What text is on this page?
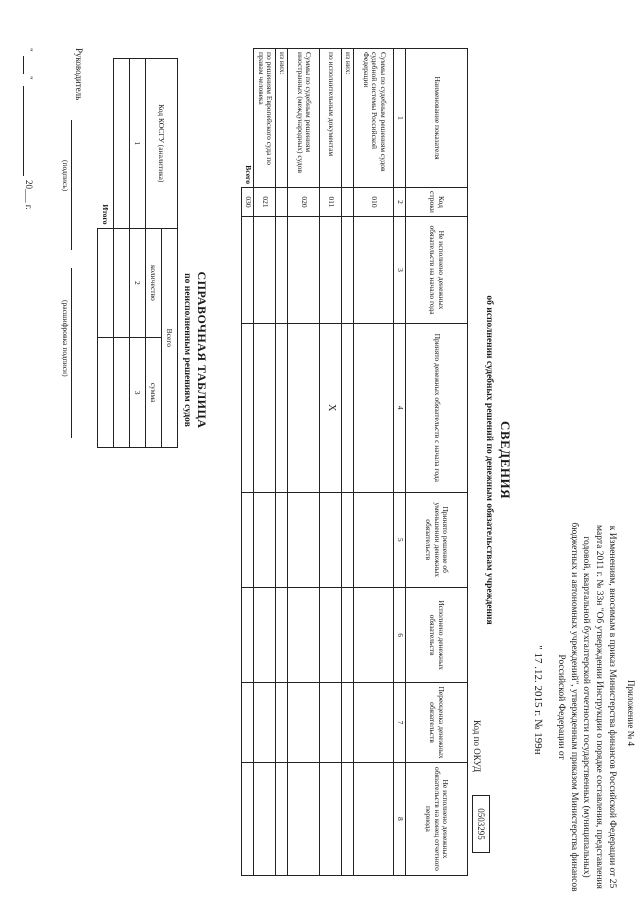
Приложение № 4
к Изменениям, вносимым в приказ Министерства финансов Российской Федерации от 25 марта 2011 г. № 33н "Об утверждении Инструкции о порядке составления, представления годовой, квартальной бухгалтерской отчетности государственных (муниципальных) бюджетных и автономных учреждений", утвержденным приказом Министерства финансов Российской Федерации от
" 17 .12. 2015 г. № 199н
СВЕДЕНИЯ
об исполнении судебных решений по денежным обязательствам учреждения
Код по ОКУД
0503295
Наименование показателя	Код строки	Не исполнено денежных обязательств на начало года	Принято денежных обязательств с начала года	Принято решение об уменьшении денежных обязательств	Исполнено денежных обязательств	Переоценка денежных обязательств	Не исполнено денежных обязательств на конец отчетного периода
1	2	3	4	5	6	7	8
Суммы по судебным решениям судов судебной системы Российской Федерации	010						
из них:							
по исполнительным документам	011		X				
Суммы по судебным решениям иностранных (международных) судов	020						
из них:							
по решениям Европейского суда по правам человека	021						
Всего	030						
СПРАВОЧНАЯ ТАБЛИЦА
по неисполненным решениям судов
Код КОСГУ (аналитика)	Всего	
	количество	сумма
1	2	3

Итого		
Руководитель
(подпись)
(расшифровка подписи)
"
"
20___ г.
